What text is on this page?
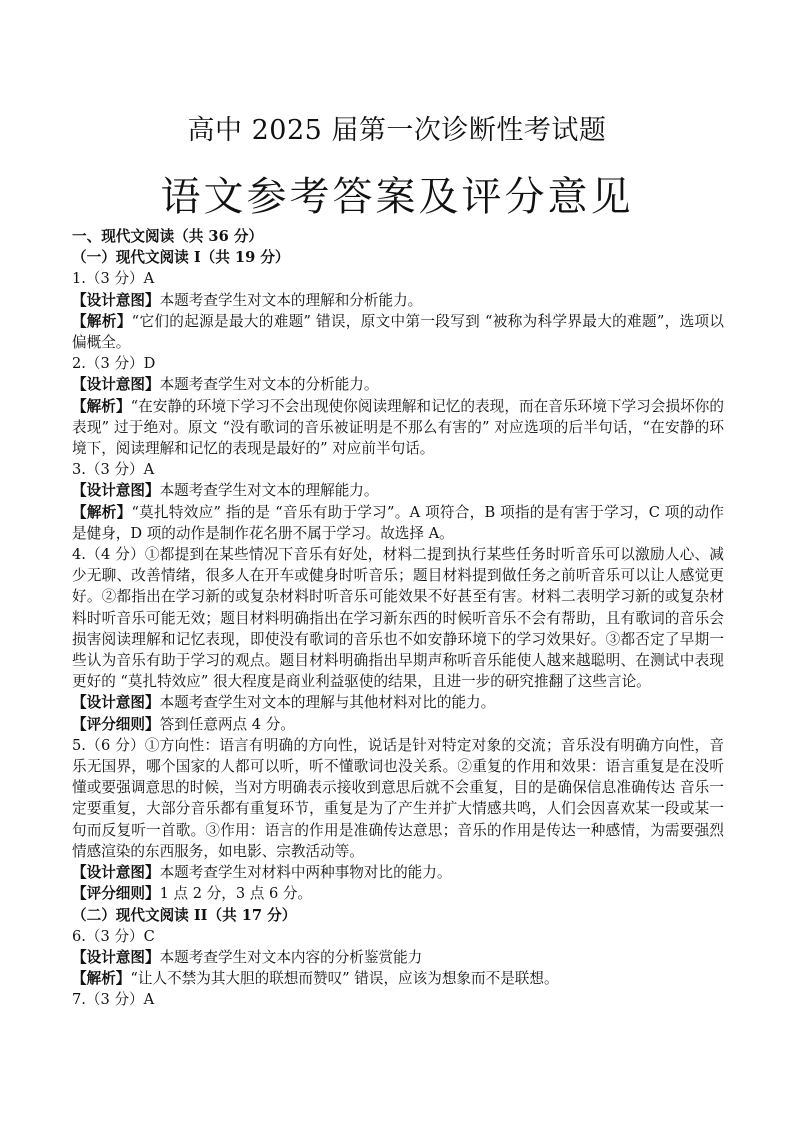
高中 2025 届第一次诊断性考试题
语文参考答案及评分意见

一、现代文阅读（共 36 分）

（一）现代文阅读 I（共 19 分）

1.（3 分）A

【设计意图】本题考查学生对文本的理解和分析能力。

【解析】“它们的起源是最大的难题” 错误，原文中第一段写到 “被称为科学界最大的难题”，选项以偏概全。

2.（3 分）D

【设计意图】本题考查学生对文本的分析能力。

【解析】“在安静的环境下学习不会出现使你阅读理解和记忆的表现，而在音乐环境下学习会损坏你的表现” 过于绝对。原文 “没有歌词的音乐被证明是不那么有害的” 对应选项的后半句话，“在安静的环境下，阅读理解和记忆的表现是最好的” 对应前半句话。

3.（3 分）A

【设计意图】本题考查学生对文本的理解能力。

【解析】“莫扎特效应” 指的是 “音乐有助于学习”。A 项符合，B 项指的是有害于学习，C 项的动作是健身，D 项的动作是制作花名册不属于学习。故选择 A。

4.（4 分）①都提到在某些情况下音乐有好处，材料二提到执行某些任务时听音乐可以激励人心、减少无聊、改善情绪，很多人在开车或健身时听音乐；题目材料提到做任务之前听音乐可以让人感觉更好。②都指出在学习新的或复杂材料时听音乐可能效果不好甚至有害。材料二表明学习新的或复杂材料时听音乐可能无效；题目材料明确指出在学习新东西的时候听音乐不会有帮助，且有歌词的音乐会损害阅读理解和记忆表现，即使没有歌词的音乐也不如安静环境下的学习效果好。③都否定了早期一些认为音乐有助于学习的观点。题目材料明确指出早期声称听音乐能使人越来越聪明、在测试中表现更好的 “莫扎特效应” 很大程度是商业利益驱使的结果，且进一步的研究推翻了这些言论。

【设计意图】本题考查学生对文本的理解与其他材料对比的能力。

【评分细则】答到任意两点 4 分。

5.（6 分）①方向性：语言有明确的方向性，说话是针对特定对象的交流；音乐没有明确方向性，音乐无国界，哪个国家的人都可以听，听不懂歌词也没关系。②重复的作用和效果：语言重复是在没听懂或要强调意思的时候，当对方明确表示接收到意思后就不会重复，目的是确保信息准确传达 音乐一定要重复，大部分音乐都有重复环节，重复是为了产生并扩大情感共鸣，人们会因喜欢某一段或某一句而反复听一首歌。③作用：语言的作用是准确传达意思；音乐的作用是传达一种感情，为需要强烈情感渲染的东西服务，如电影、宗教活动等。

【设计意图】本题考查学生对材料中两种事物对比的能力。

【评分细则】1 点 2 分，3 点 6 分。

（二）现代文阅读 II（共 17 分）

6.（3 分）C

【设计意图】本题考查学生对文本内容的分析鉴赏能力

【解析】“让人不禁为其大胆的联想而赞叹” 错误，应该为想象而不是联想。

7.（3 分）A
